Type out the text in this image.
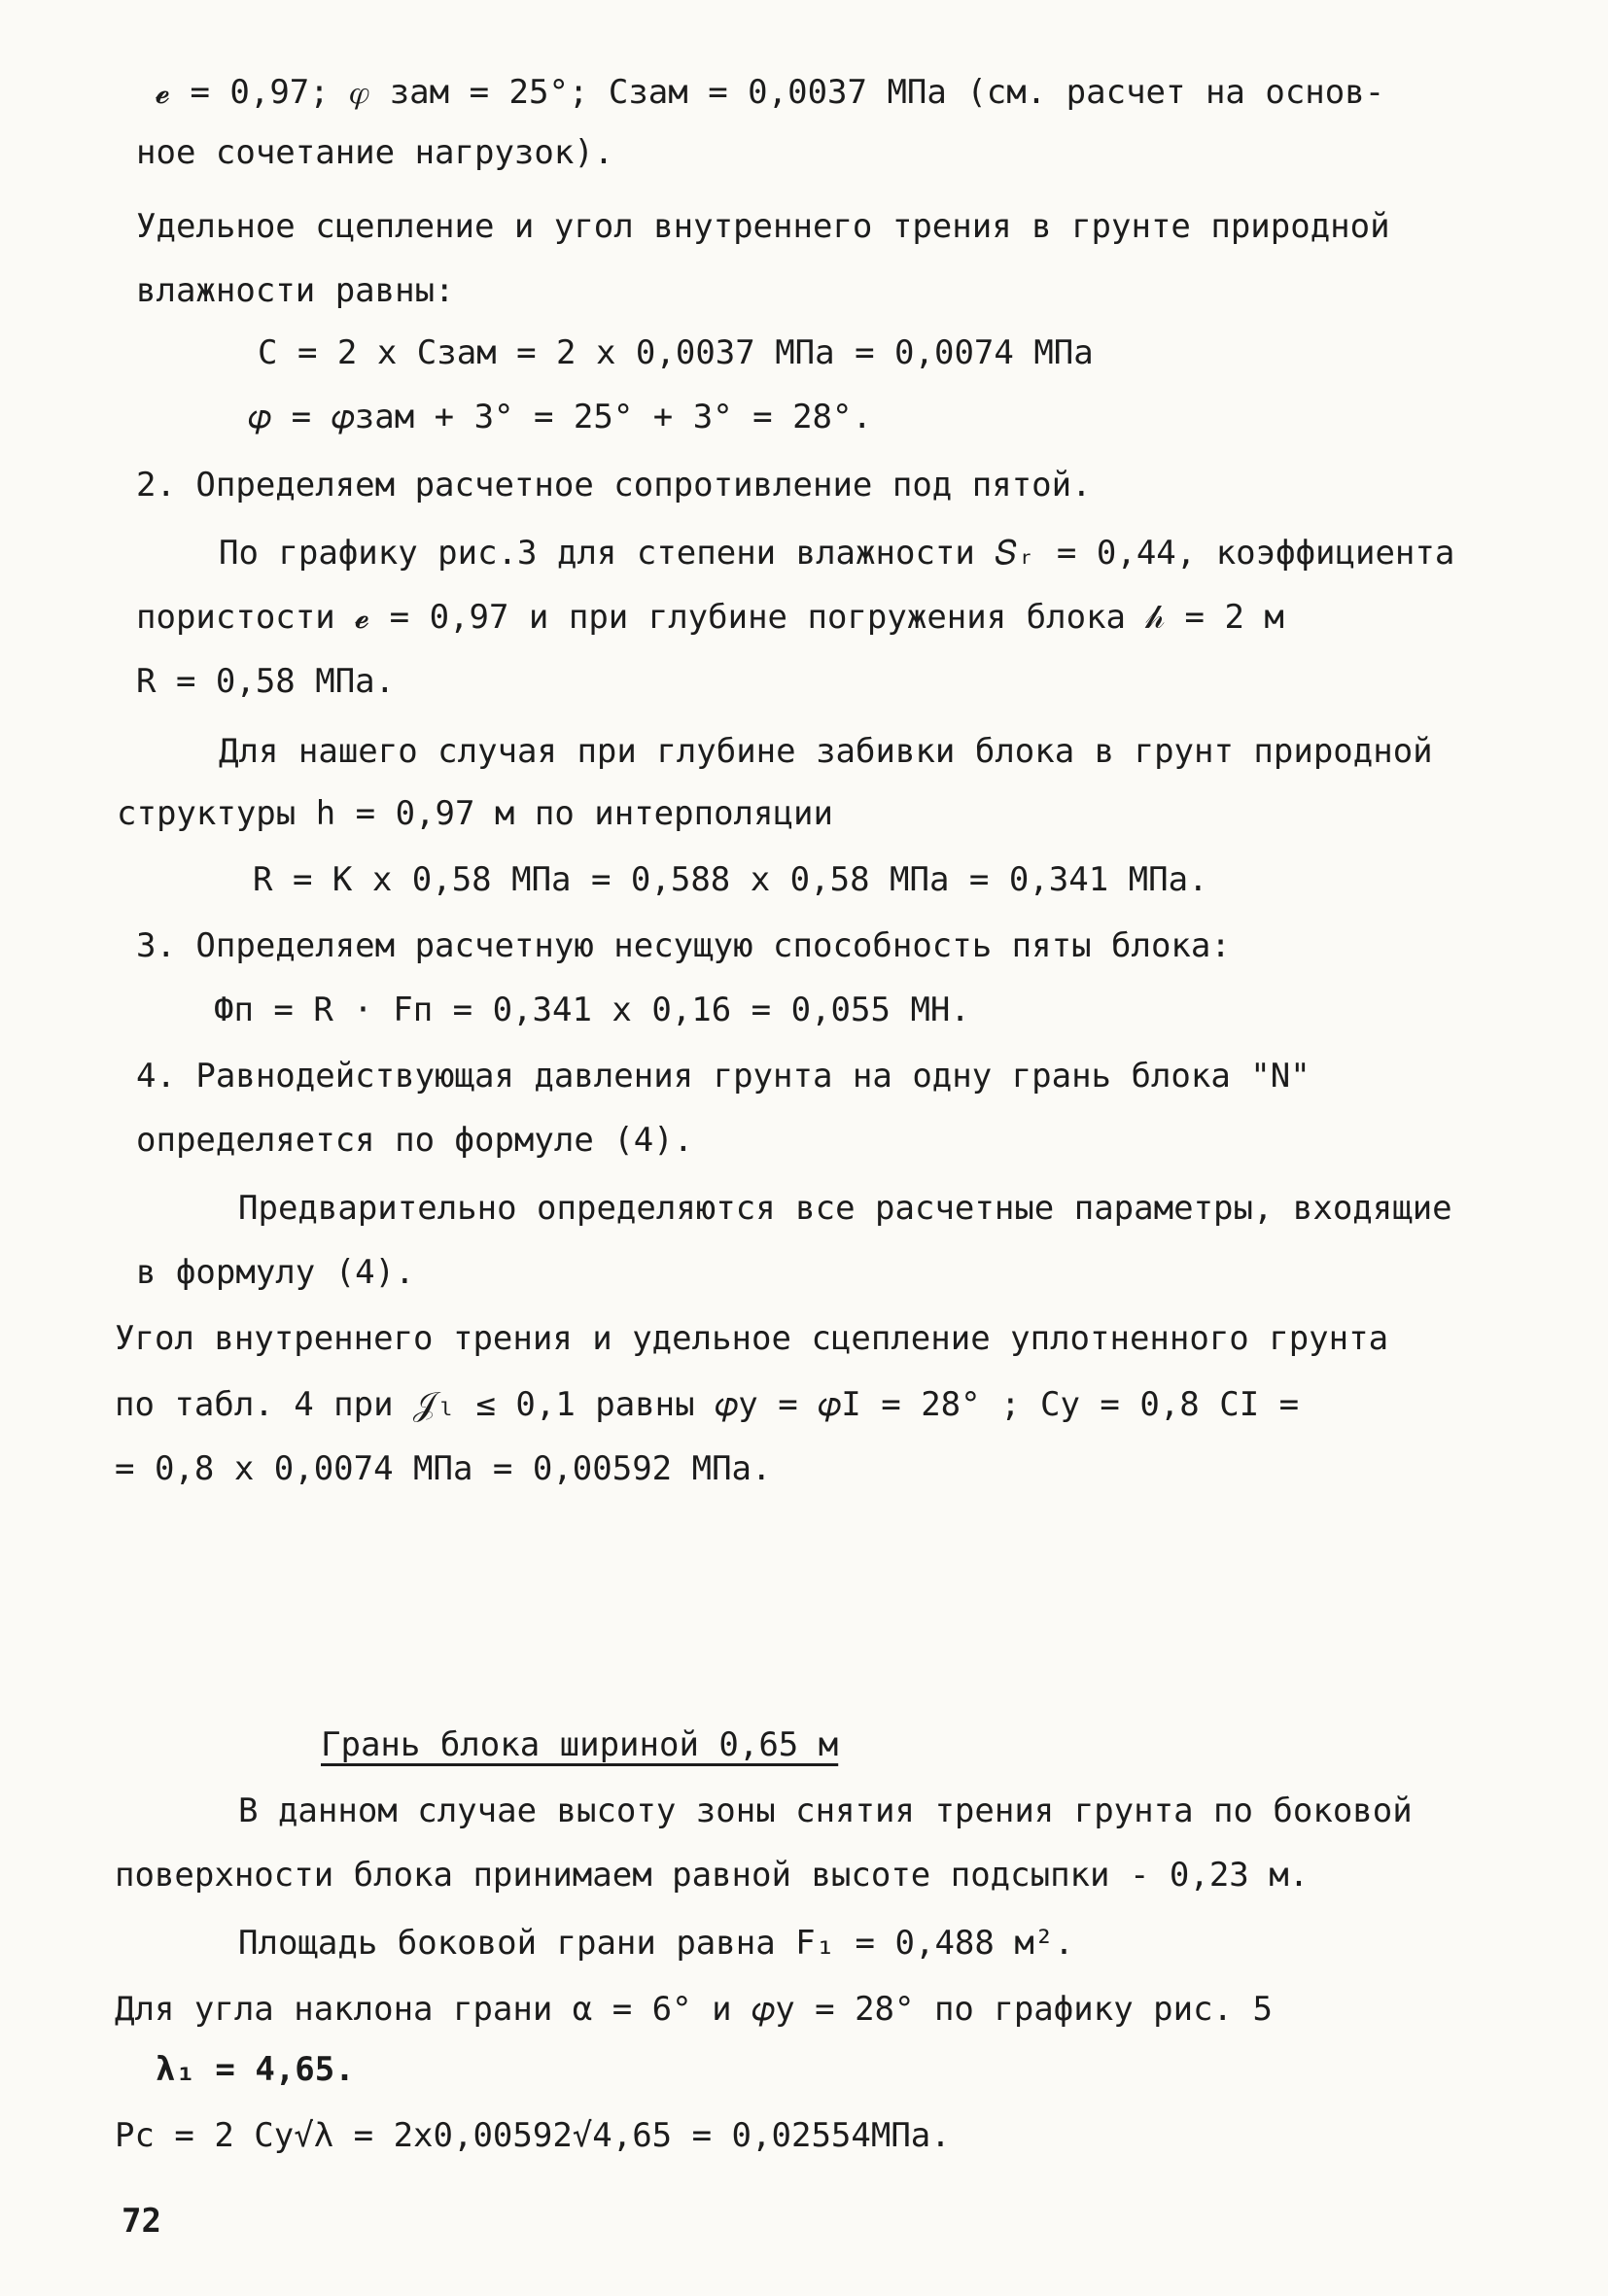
𝓮 = 0,97; 𝜑 зам = 25°; Сзам = 0,0037 МПа (см. расчет на основ-
ное сочетание нагрузок).
Удельное сцепление и угол внутреннего трения в грунте природной
влажности равны:
С = 2 х Сзам = 2 х 0,0037 МПа = 0,0074 МПа
𝜑 = 𝜑зам + 3° = 25° + 3° = 28°.
2. Определяем расчетное сопротивление под пятой.
По графику рис.3 для степени влажности 𝑆ᵣ = 0,44, коэффициента
пористости 𝓮 = 0,97 и при глубине погружения блока 𝒽 = 2 м
R = 0,58 МПа.
Для нашего случая при глубине забивки блока в грунт природной
структуры h = 0,97 м по интерполяции
R = K x 0,58 МПа = 0,588 х 0,58 МПа = 0,341 МПа.
3. Определяем расчетную несущую способность пяты блока:
Фп = R · Fп = 0,341 х 0,16 = 0,055 МН.
4. Равнодействующая давления грунта на одну грань блока "N"
определяется по формуле (4).
Предварительно определяются все расчетные параметры, входящие
в формулу (4).
Угол внутреннего трения и удельное сцепление уплотненного грунта
по табл. 4 при 𝒥ₗ ≤ 0,1 равны 𝜑у = 𝜑I = 28° ; Су = 0,8 СI =
= 0,8 х 0,0074 МПа = 0,00592 МПа.
Грань блока шириной 0,65 м
В данном случае высоту зоны снятия трения грунта по боковой
поверхности блока принимаем равной высоте подсыпки - 0,23 м.
Площадь боковой грани равна F₁ = 0,488 м².
Для угла наклона грани α = 6° и 𝜑у = 28° по графику рис. 5
λ₁ = 4,65.
Pc = 2 Су√λ = 2х0,00592√4,65 = 0,02554МПа.
72
